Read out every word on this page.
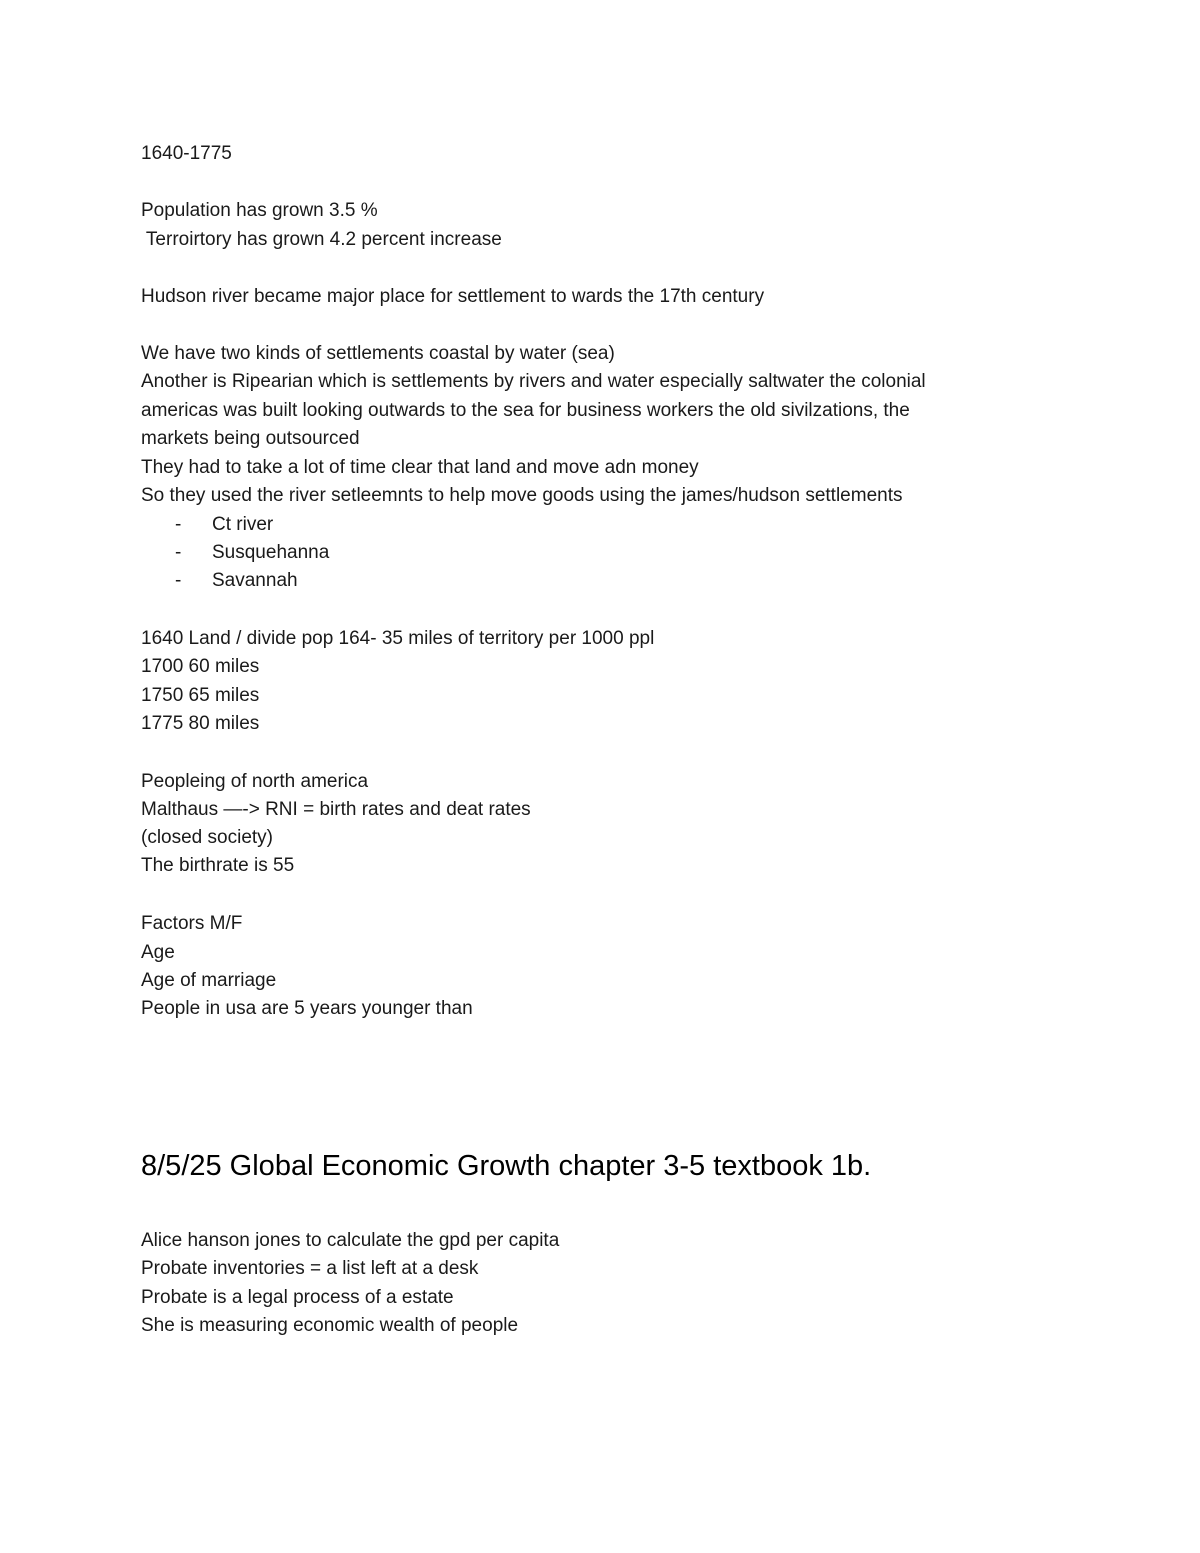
1640-1775
Population has grown 3.5 %
Terroirtory has grown 4.2 percent increase
Hudson river became major place for settlement to wards the 17th century
We have two kinds of settlements coastal by water (sea)
Another is Ripearian which is settlements by rivers and water especially saltwater the colonial
americas was built looking outwards to the sea for business workers the old sivilzations, the
markets being outsourced
They had to take a lot of time clear that land and move adn money
So they used the river setleemnts to help move goods using the james/hudson settlements
- Ct river
- Susquehanna
- Savannah
1640 Land / divide pop 164- 35 miles of territory per 1000 ppl
1700 60 miles
1750 65 miles
1775 80 miles
Peopleing of north america
Malthaus —-> RNI = birth rates and deat rates
(closed society)
The birthrate is 55
Factors M/F
Age
Age of marriage
People in usa are 5 years younger than
8/5/25 Global Economic Growth chapter 3-5 textbook 1b.
Alice hanson jones to calculate the gpd per capita
Probate inventories = a list left at a desk
Probate is a legal process of a estate
She is measuring economic wealth of people
